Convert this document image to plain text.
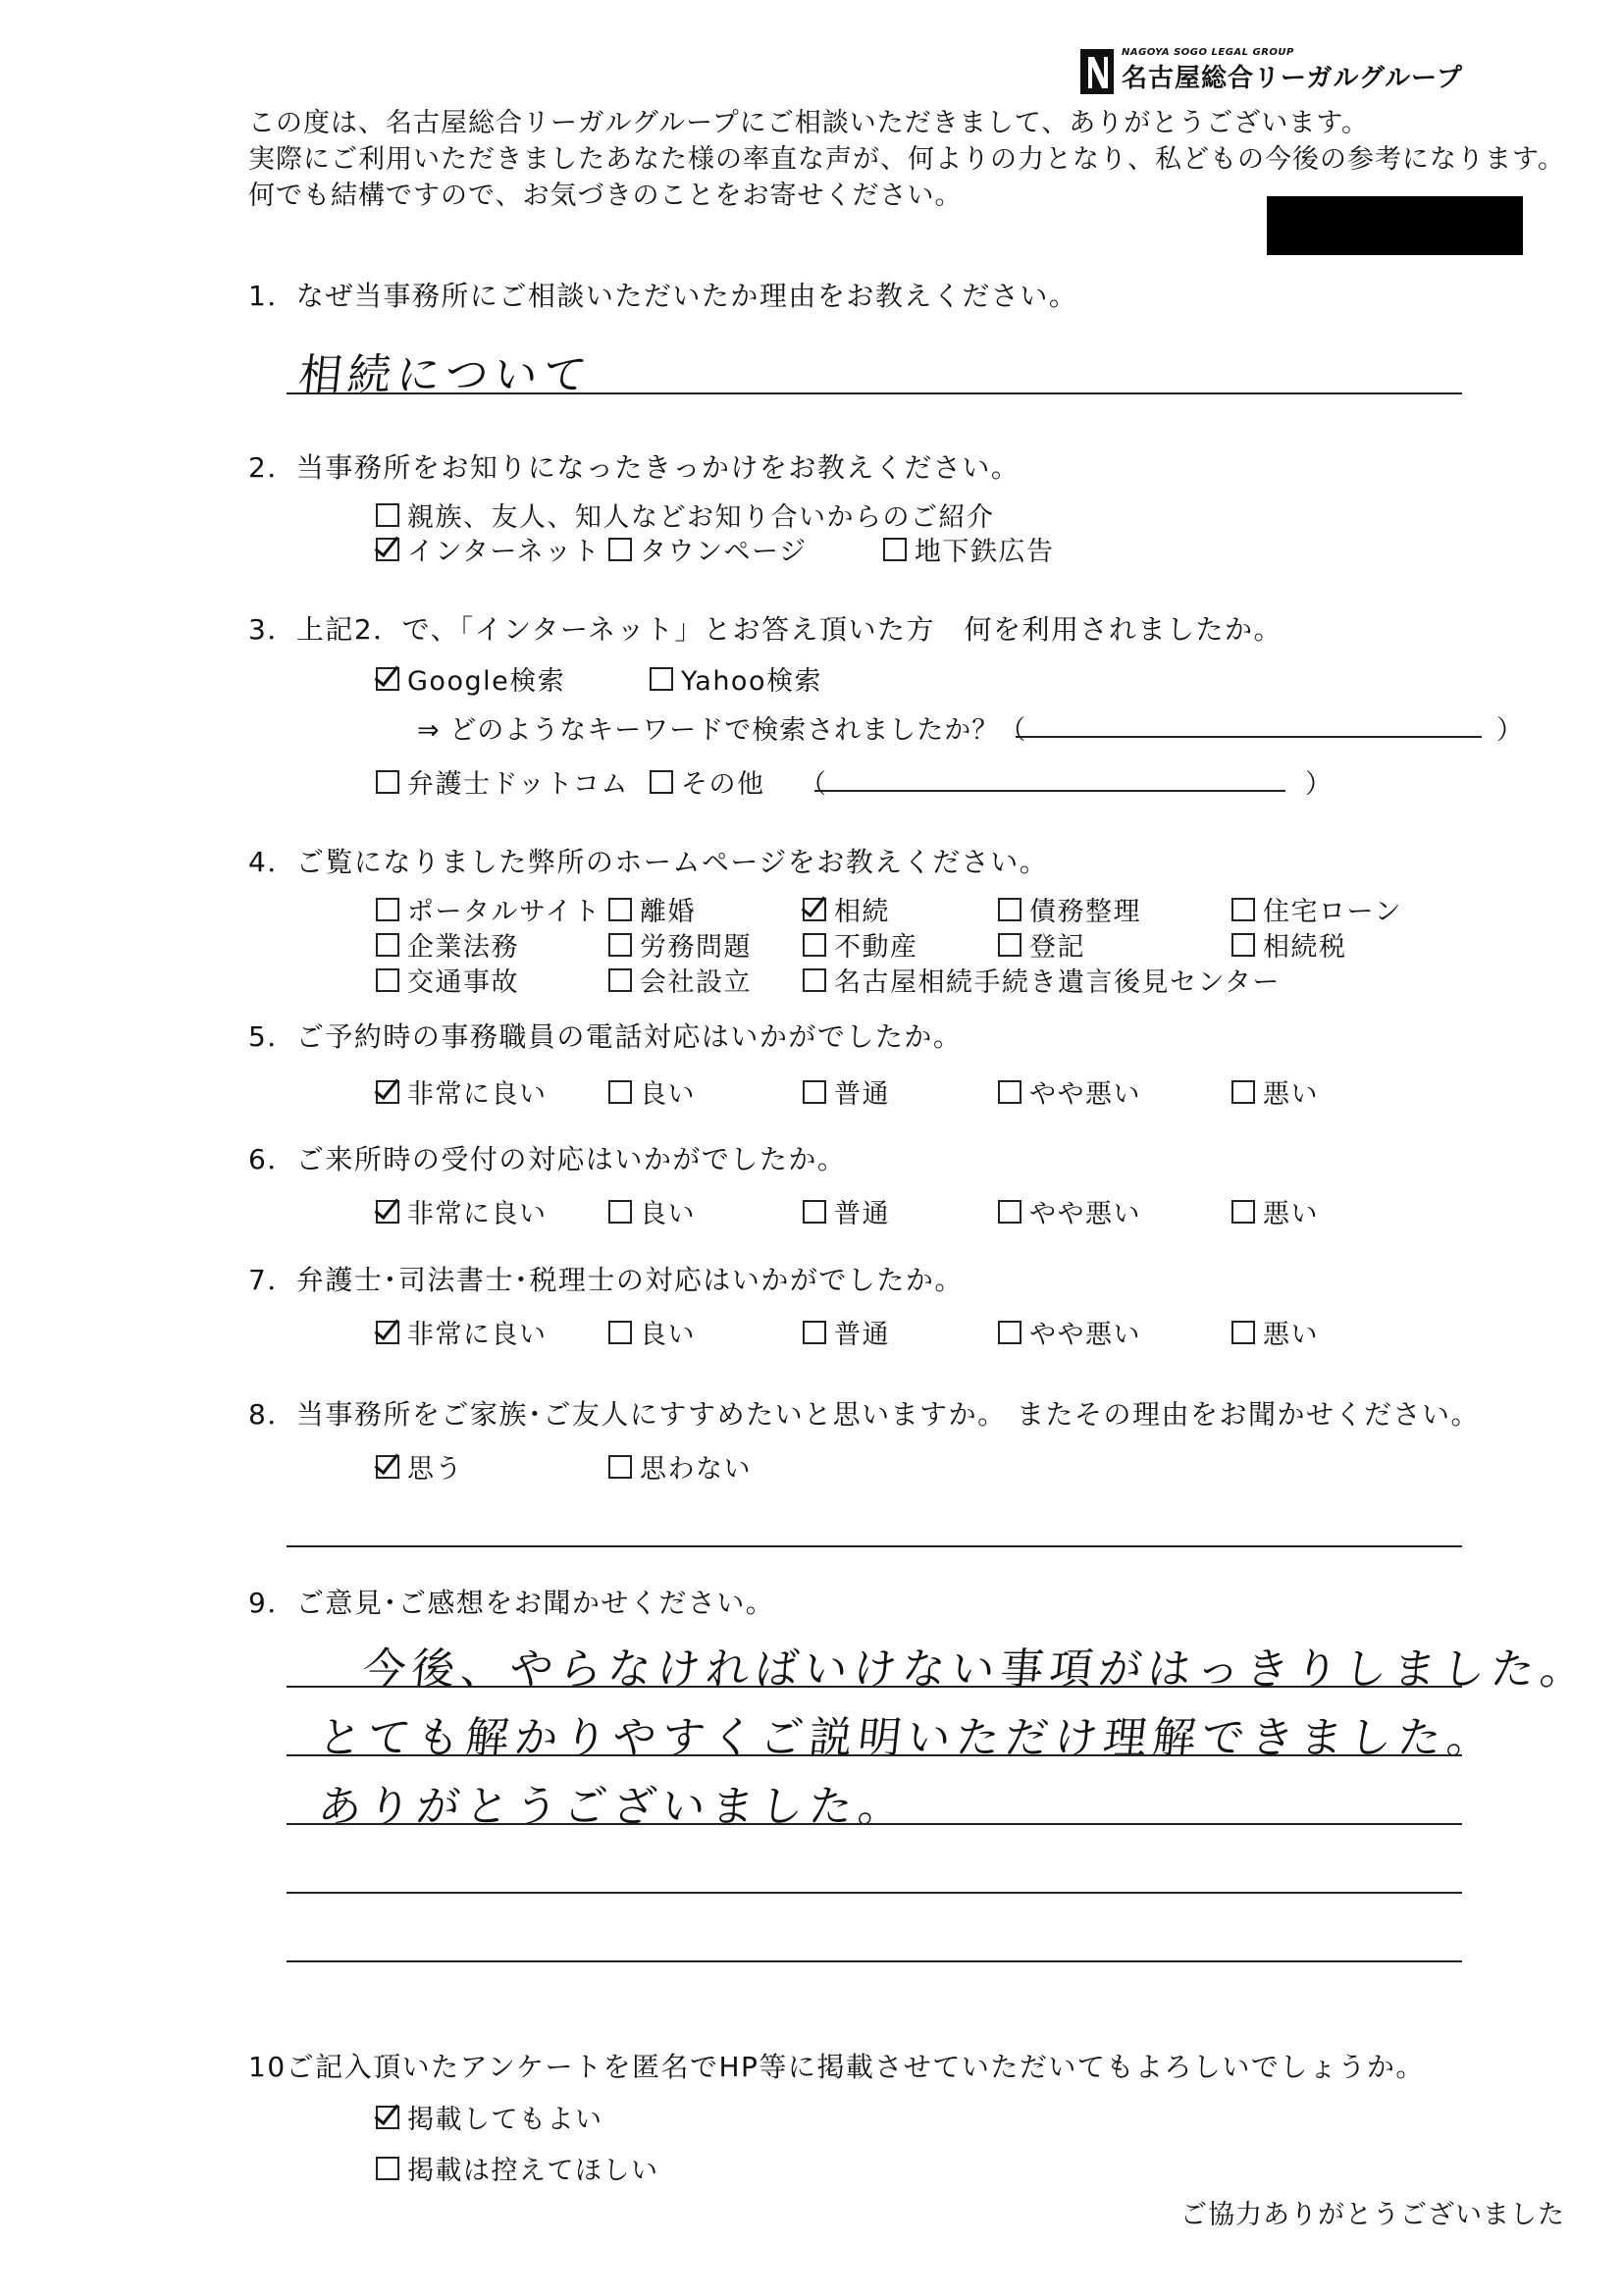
NAGOYA SOGO LEGAL GROUP
名古屋総合リーガルグループ
この度は、名古屋総合リーガルグループにご相談いただきまして、ありがとうございます。
実際にご利用いただきましたあなた様の率直な声が、何よりの力となり、私どもの今後の参考になります。
何でも結構ですので、お気づきのことをお寄せください。
1．なぜ当事務所にご相談いただいたか理由をお教えください。
相続について
2．当事務所をお知りになったきっかけをお教えください。
親族、友人、知人などお知り合いからのご紹介
インターネット タウンページ	地下鉄広告
3．上記2．で、「インターネット」とお答え頂いた方　何を利用されましたか。
Google検索	Yahoo検索
⇒ どのようなキーワードで検索されましたか？（	）
弁護士ドットコム その他 （	）
4．ご覧になりました弊所のホームページをお教えください。
ポータルサイト 離婚	相続	債務整理	住宅ローン
企業法務	労務問題	不動産	登記	相続税
交通事故	会社設立	名古屋相続手続き遺言後見センター
5．ご予約時の事務職員の電話対応はいかがでしたか。
非常に良い	良い	普通	やや悪い	悪い
6．ご来所時の受付の対応はいかがでしたか。
非常に良い	良い	普通	やや悪い	悪い
7．弁護士･司法書士･税理士の対応はいかがでしたか。
非常に良い	良い	普通	やや悪い	悪い
8．当事務所をご家族･ご友人にすすめたいと思いますか。 またその理由をお聞かせください。
思う	思わない
9．ご意見･ご感想をお聞かせください。
今後、やらなければいけない事項がはっきりしました。
とても解かりやすくご説明いただけ理解できました。
ありがとうございました。
10ご記入頂いたアンケートを匿名でHP等に掲載させていただいてもよろしいでしょうか。
掲載してもよい
掲載は控えてほしい
ご協力ありがとうございました
